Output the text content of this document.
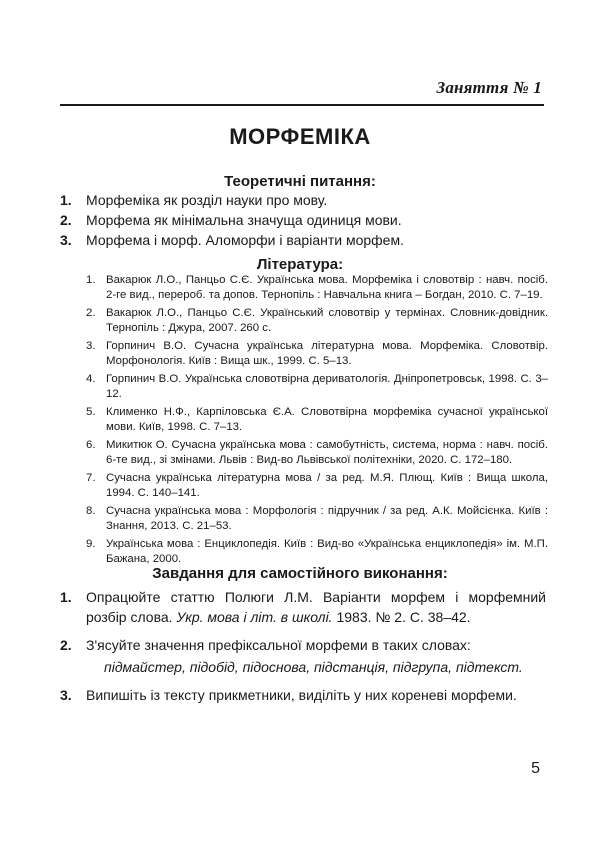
Заняття № 1
МОРФЕМІКА
Теоретичні питання:
1.	Морфеміка як розділ науки про мову.
2.	Морфема як мінімальна значуща одиниця мови.
3.	Морфема і морф. Аломорфи і варіанти морфем.
Література:
1. Вакарюк Л.О., Панцьо С.Є. Українська мова. Морфеміка і словотвір : навч. посіб. 2-ге вид., перероб. та допов. Тернопіль : Навчальна книга – Богдан, 2010. С. 7–19.
2. Вакарюк Л.О., Панцьо С.Є. Український словотвір у термінах. Словник-довідник. Тернопіль : Джура, 2007. 260 с.
3. Горпинич В.О. Сучасна українська літературна мова. Морфеміка. Словотвір. Морфонологія. Київ : Вища шк., 1999. С. 5–13.
4. Горпинич В.О. Українська словотвірна дериватологія. Дніпропетровськ, 1998. С. 3–12.
5. Клименко Н.Ф., Карпіловська Є.А. Словотвірна морфеміка сучасної української мови. Київ, 1998. С. 7–13.
6. Микитюк О. Сучасна українська мова : самобутність, система, норма : навч. посіб. 6-те вид., зі змінами. Львів : Вид-во Львівської політехніки, 2020. С. 172–180.
7. Сучасна українська літературна мова / за ред. М.Я. Плющ. Київ : Вища школа, 1994. С. 140–141.
8. Сучасна українська мова : Морфологія : підручник / за ред. А.К. Мойсієнка. Київ : Знання, 2013. С. 21–53.
9. Українська мова : Енциклопедія. Київ : Вид-во «Українська енциклопедія» ім. М.П. Бажана, 2000.
Завдання для самостійного виконання:
1.	Опрацюйте статтю Полюги Л.М. Варіанти морфем і морфемний розбір слова. Укр. мова і літ. в школі. 1983. № 2. С. 38–42.
2.	З'ясуйте значення префіксальної морфеми в таких словах:
підмайстер, підобід, підоснова, підстанція, підгрупа, підтекст.
3.	Випишіть із тексту прикметники, виділіть у них кореневі морфеми.
5
